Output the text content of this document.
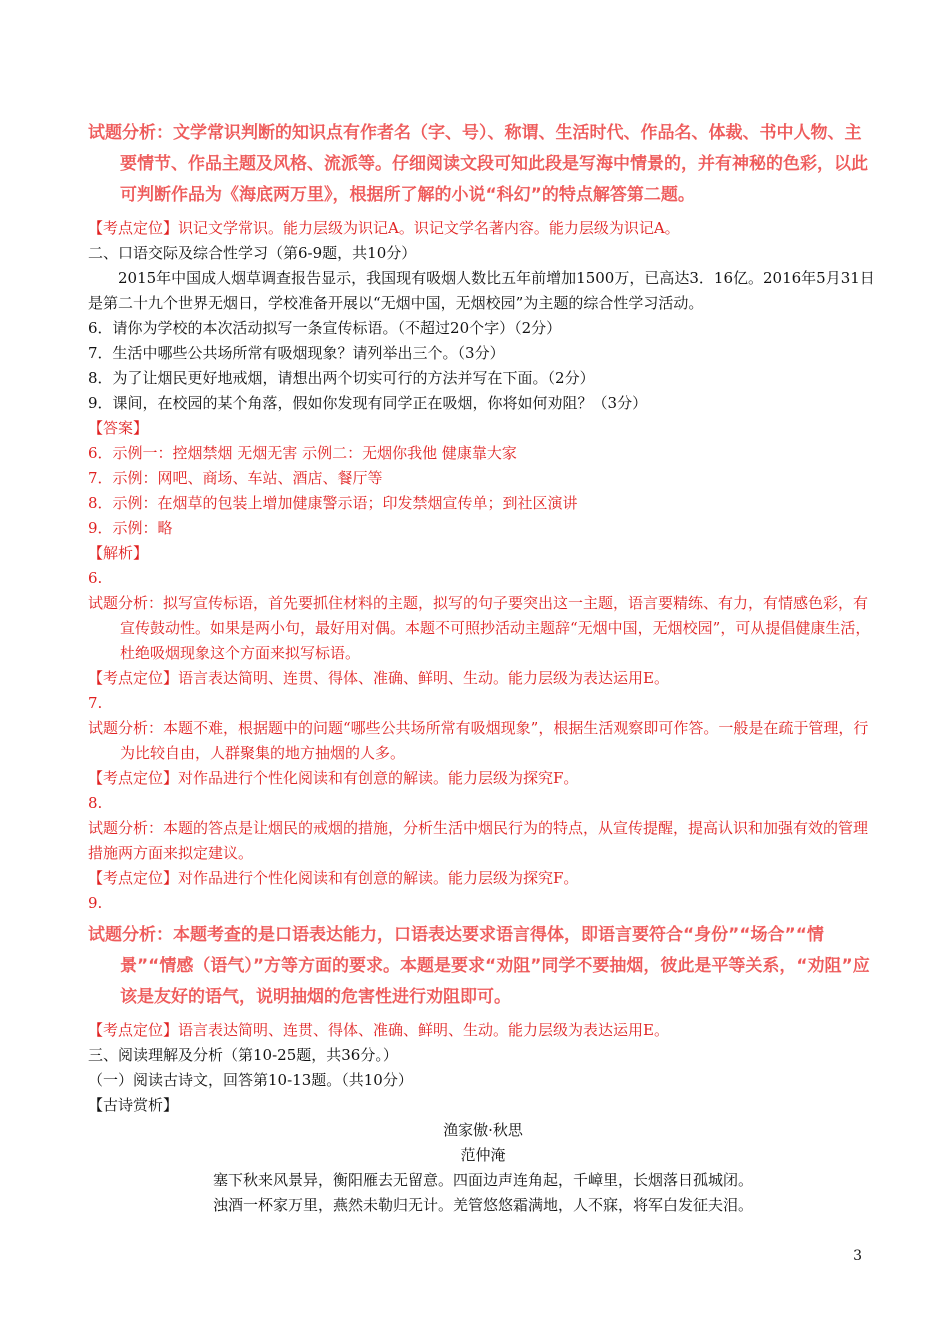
试题分析：文学常识判断的知识点有作者名（字、号）、称谓、生活时代、作品名、体裁、书中人物、主要情节、作品主题及风格、流派等。仔细阅读文段可知此段是写海中情景的，并有神秘的色彩，以此可判断作品为《海底两万里》，根据所了解的小说“科幻”的特点解答第二题。

【考点定位】识记文学常识。能力层级为识记A。识记文学名著内容。能力层级为识记A。

二、口语交际及综合性学习（第6-9题，共10分）

2015年中国成人烟草调查报告显示，我国现有吸烟人数比五年前增加1500万，已高达3．16亿。2016年5月31日是第二十九个世界无烟日，学校准备开展以“无烟中国，无烟校园”为主题的综合性学习活动。

6．请你为学校的本次活动拟写一条宣传标语。（不超过20个字）（2分）

7．生活中哪些公共场所常有吸烟现象？请列举出三个。（3分）

8．为了让烟民更好地戒烟，请想出两个切实可行的方法并写在下面。（2分）

9．课间，在校园的某个角落，假如你发现有同学正在吸烟，你将如何劝阻？（3分）

【答案】

6．示例一：控烟禁烟 无烟无害 示例二：无烟你我他 健康靠大家

7．示例：网吧、商场、车站、酒店、餐厅等

8．示例：在烟草的包装上增加健康警示语；印发禁烟宣传单；到社区演讲

9．示例：略

【解析】

6.

试题分析：拟写宣传标语，首先要抓住材料的主题，拟写的句子要突出这一主题，语言要精练、有力，有情感色彩，有宣传鼓动性。如果是两小句，最好用对偶。本题不可照抄活动主题辞“无烟中国，无烟校园”，可从提倡健康生活，杜绝吸烟现象这个方面来拟写标语。

【考点定位】语言表达简明、连贯、得体、准确、鲜明、生动。能力层级为表达运用E。

7.

试题分析：本题不难，根据题中的问题“哪些公共场所常有吸烟现象”，根据生活观察即可作答。一般是在疏于管理，行为比较自由，人群聚集的地方抽烟的人多。

【考点定位】对作品进行个性化阅读和有创意的解读。能力层级为探究F。

8.

试题分析：本题的答点是让烟民的戒烟的措施，分析生活中烟民行为的特点，从宣传提醒，提高认识和加强有效的管理措施两方面来拟定建议。

【考点定位】对作品进行个性化阅读和有创意的解读。能力层级为探究F。

9.

试题分析：本题考查的是口语表达能力，口语表达要求语言得体，即语言要符合“身份”“场合”“情景”“情感（语气）”方等方面的要求。本题是要求“劝阻”同学不要抽烟，彼此是平等关系，“劝阻”应该是友好的语气，说明抽烟的危害性进行劝阻即可。

【考点定位】语言表达简明、连贯、得体、准确、鲜明、生动。能力层级为表达运用E。

三、阅读理解及分析（第10-25题，共36分。）

（一）阅读古诗文，回答第10-13题。（共10分）

【古诗赏析】

渔家傲·秋思

范仲淹

塞下秋来风景异，衡阳雁去无留意。四面边声连角起，千嶂里，长烟落日孤城闭。

浊酒一杯家万里，燕然未勒归无计。羌管悠悠霜满地，人不寐，将军白发征夫泪。

3
